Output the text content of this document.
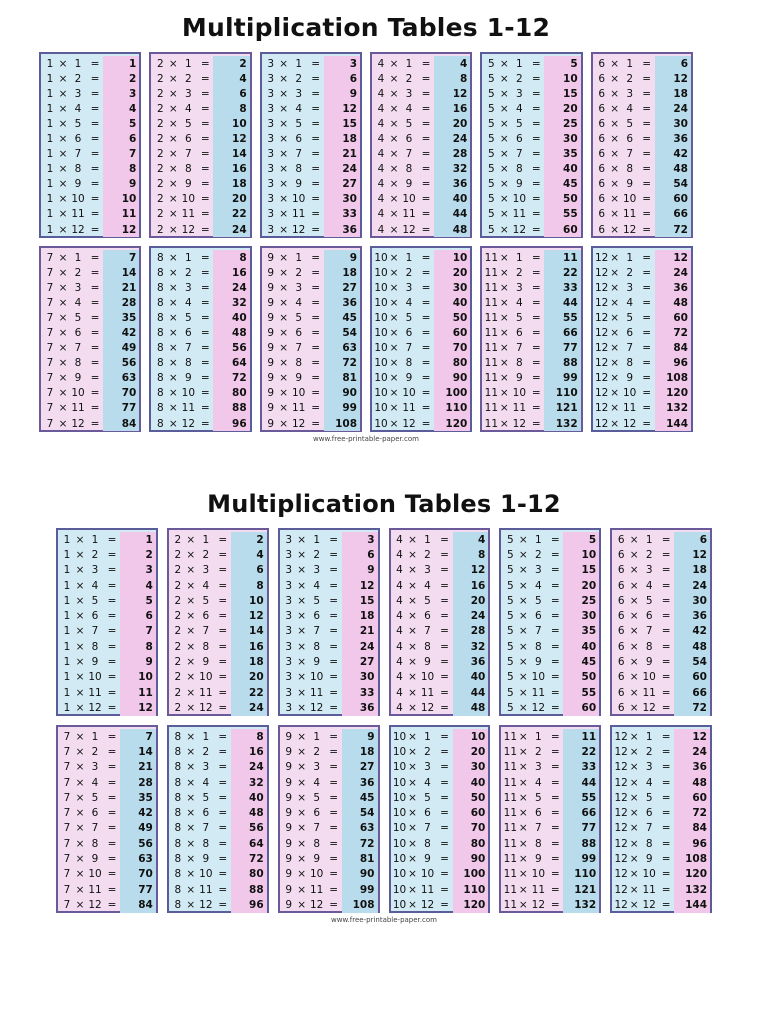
Multiplication Tables 1-12
1 × 1 =	1
1 × 2 =	2
1 × 3 =	3
1 × 4 =	4
1 × 5 =	5
1 × 6 =	6
1 × 7 =	7
1 × 8 =	8
1 × 9 =	9
1 × 10 =	10
1 × 11 =	11
1 × 12 =	12
2 × 1 =	2
2 × 2 =	4
2 × 3 =	6
2 × 4 =	8
2 × 5 =	10
2 × 6 =	12
2 × 7 =	14
2 × 8 =	16
2 × 9 =	18
2 × 10 =	20
2 × 11 =	22
2 × 12 =	24
3 × 1 =	3
3 × 2 =	6
3 × 3 =	9
3 × 4 =	12
3 × 5 =	15
3 × 6 =	18
3 × 7 =	21
3 × 8 =	24
3 × 9 =	27
3 × 10 =	30
3 × 11 =	33
3 × 12 =	36
4 × 1 =	4
4 × 2 =	8
4 × 3 =	12
4 × 4 =	16
4 × 5 =	20
4 × 6 =	24
4 × 7 =	28
4 × 8 =	32
4 × 9 =	36
4 × 10 =	40
4 × 11 =	44
4 × 12 =	48
5 × 1 =	5
5 × 2 =	10
5 × 3 =	15
5 × 4 =	20
5 × 5 =	25
5 × 6 =	30
5 × 7 =	35
5 × 8 =	40
5 × 9 =	45
5 × 10 =	50
5 × 11 =	55
5 × 12 =	60
6 × 1 =	6
6 × 2 =	12
6 × 3 =	18
6 × 4 =	24
6 × 5 =	30
6 × 6 =	36
6 × 7 =	42
6 × 8 =	48
6 × 9 =	54
6 × 10 =	60
6 × 11 =	66
6 × 12 =	72
7 × 1 =	7
7 × 2 =	14
7 × 3 =	21
7 × 4 =	28
7 × 5 =	35
7 × 6 =	42
7 × 7 =	49
7 × 8 =	56
7 × 9 =	63
7 × 10 =	70
7 × 11 =	77
7 × 12 =	84
8 × 1 =	8
8 × 2 =	16
8 × 3 =	24
8 × 4 =	32
8 × 5 =	40
8 × 6 =	48
8 × 7 =	56
8 × 8 =	64
8 × 9 =	72
8 × 10 =	80
8 × 11 =	88
8 × 12 =	96
9 × 1 =	9
9 × 2 =	18
9 × 3 =	27
9 × 4 =	36
9 × 5 =	45
9 × 6 =	54
9 × 7 =	63
9 × 8 =	72
9 × 9 =	81
9 × 10 =	90
9 × 11 =	99
9 × 12 =	108
10 × 1 =	10
10 × 2 =	20
10 × 3 =	30
10 × 4 =	40
10 × 5 =	50
10 × 6 =	60
10 × 7 =	70
10 × 8 =	80
10 × 9 =	90
10 × 10 =	100
10 × 11 =	110
10 × 12 =	120
11 × 1 =	11
11 × 2 =	22
11 × 3 =	33
11 × 4 =	44
11 × 5 =	55
11 × 6 =	66
11 × 7 =	77
11 × 8 =	88
11 × 9 =	99
11 × 10 =	110
11 × 11 =	121
11 × 12 =	132
12 × 1 =	12
12 × 2 =	24
12 × 3 =	36
12 × 4 =	48
12 × 5 =	60
12 × 6 =	72
12 × 7 =	84
12 × 8 =	96
12 × 9 =	108
12 × 10 =	120
12 × 11 =	132
12 × 12 =	144
www.free-printable-paper.com
Multiplication Tables 1-12
1 × 1 =	1
1 × 2 =	2
1 × 3 =	3
1 × 4 =	4
1 × 5 =	5
1 × 6 =	6
1 × 7 =	7
1 × 8 =	8
1 × 9 =	9
1 × 10 =	10
1 × 11 =	11
1 × 12 =	12
2 × 1 =	2
2 × 2 =	4
2 × 3 =	6
2 × 4 =	8
2 × 5 =	10
2 × 6 =	12
2 × 7 =	14
2 × 8 =	16
2 × 9 =	18
2 × 10 =	20
2 × 11 =	22
2 × 12 =	24
3 × 1 =	3
3 × 2 =	6
3 × 3 =	9
3 × 4 =	12
3 × 5 =	15
3 × 6 =	18
3 × 7 =	21
3 × 8 =	24
3 × 9 =	27
3 × 10 =	30
3 × 11 =	33
3 × 12 =	36
4 × 1 =	4
4 × 2 =	8
4 × 3 =	12
4 × 4 =	16
4 × 5 =	20
4 × 6 =	24
4 × 7 =	28
4 × 8 =	32
4 × 9 =	36
4 × 10 =	40
4 × 11 =	44
4 × 12 =	48
5 × 1 =	5
5 × 2 =	10
5 × 3 =	15
5 × 4 =	20
5 × 5 =	25
5 × 6 =	30
5 × 7 =	35
5 × 8 =	40
5 × 9 =	45
5 × 10 =	50
5 × 11 =	55
5 × 12 =	60
6 × 1 =	6
6 × 2 =	12
6 × 3 =	18
6 × 4 =	24
6 × 5 =	30
6 × 6 =	36
6 × 7 =	42
6 × 8 =	48
6 × 9 =	54
6 × 10 =	60
6 × 11 =	66
6 × 12 =	72
7 × 1 =	7
7 × 2 =	14
7 × 3 =	21
7 × 4 =	28
7 × 5 =	35
7 × 6 =	42
7 × 7 =	49
7 × 8 =	56
7 × 9 =	63
7 × 10 =	70
7 × 11 =	77
7 × 12 =	84
8 × 1 =	8
8 × 2 =	16
8 × 3 =	24
8 × 4 =	32
8 × 5 =	40
8 × 6 =	48
8 × 7 =	56
8 × 8 =	64
8 × 9 =	72
8 × 10 =	80
8 × 11 =	88
8 × 12 =	96
9 × 1 =	9
9 × 2 =	18
9 × 3 =	27
9 × 4 =	36
9 × 5 =	45
9 × 6 =	54
9 × 7 =	63
9 × 8 =	72
9 × 9 =	81
9 × 10 =	90
9 × 11 =	99
9 × 12 =	108
10 × 1 =	10
10 × 2 =	20
10 × 3 =	30
10 × 4 =	40
10 × 5 =	50
10 × 6 =	60
10 × 7 =	70
10 × 8 =	80
10 × 9 =	90
10 × 10 =	100
10 × 11 =	110
10 × 12 =	120
11 × 1 =	11
11 × 2 =	22
11 × 3 =	33
11 × 4 =	44
11 × 5 =	55
11 × 6 =	66
11 × 7 =	77
11 × 8 =	88
11 × 9 =	99
11 × 10 =	110
11 × 11 =	121
11 × 12 =	132
12 × 1 =	12
12 × 2 =	24
12 × 3 =	36
12 × 4 =	48
12 × 5 =	60
12 × 6 =	72
12 × 7 =	84
12 × 8 =	96
12 × 9 =	108
12 × 10 =	120
12 × 11 =	132
12 × 12 =	144
www.free-printable-paper.com
